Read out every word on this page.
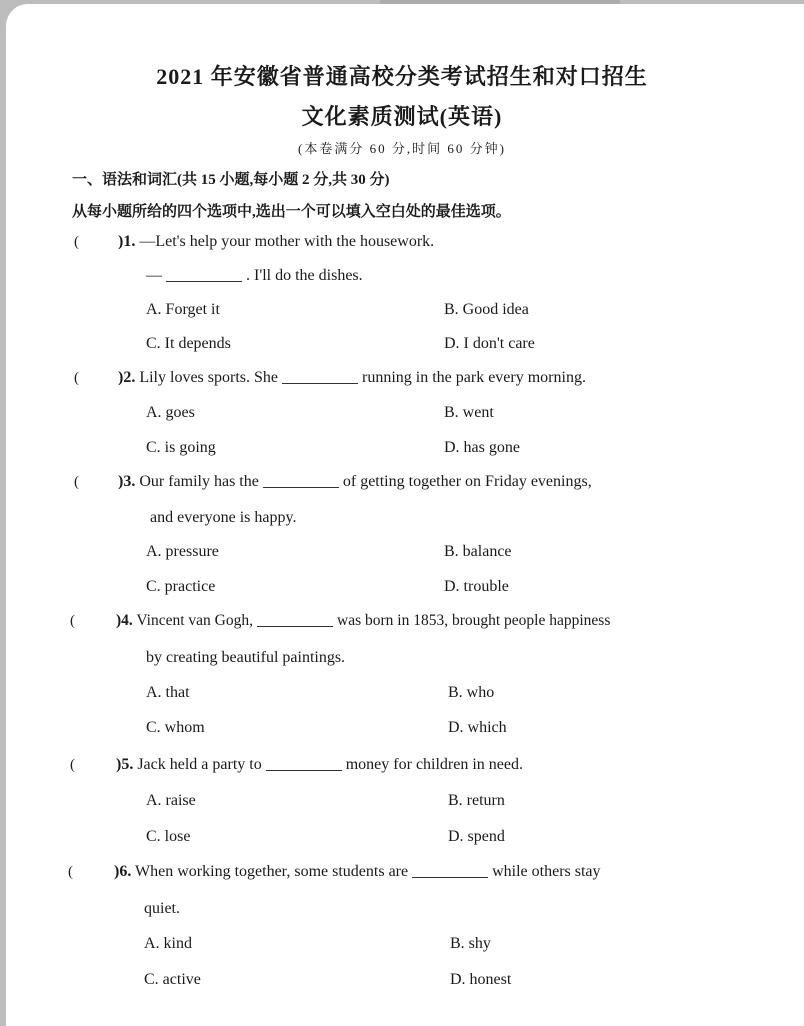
2021 年安徽省普通高校分类考试招生和对口招生
文化素质测试(英语)
(本卷满分 60 分,时间 60 分钟)
一、语法和词汇(共 15 小题,每小题 2 分,共 30 分)
从每小题所给的四个选项中,选出一个可以填入空白处的最佳选项。
( )1. —Let's help your mother with the housework.
—	. I'll do the dishes.
A. Forget it	B. Good idea
C. It depends	D. I don't care
( )2. Lily loves sports. She	running in the park every morning.
A. goes	B. went
C. is going	D. has gone
( )3. Our family has the	of getting together on Friday evenings,
and everyone is happy.
A. pressure	B. balance
C. practice	D. trouble
(	)4. Vincent van Gogh,	was born in 1853, brought people happiness
by creating beautiful paintings.
A. that	B. who
C. whom	D. which
(	)5. Jack held a party to	money for children in need.
A. raise	B. return
C. lose	D. spend
(	)6. When working together, some students are	while others stay
quiet.
A. kind	B. shy
C. active	D. honest
